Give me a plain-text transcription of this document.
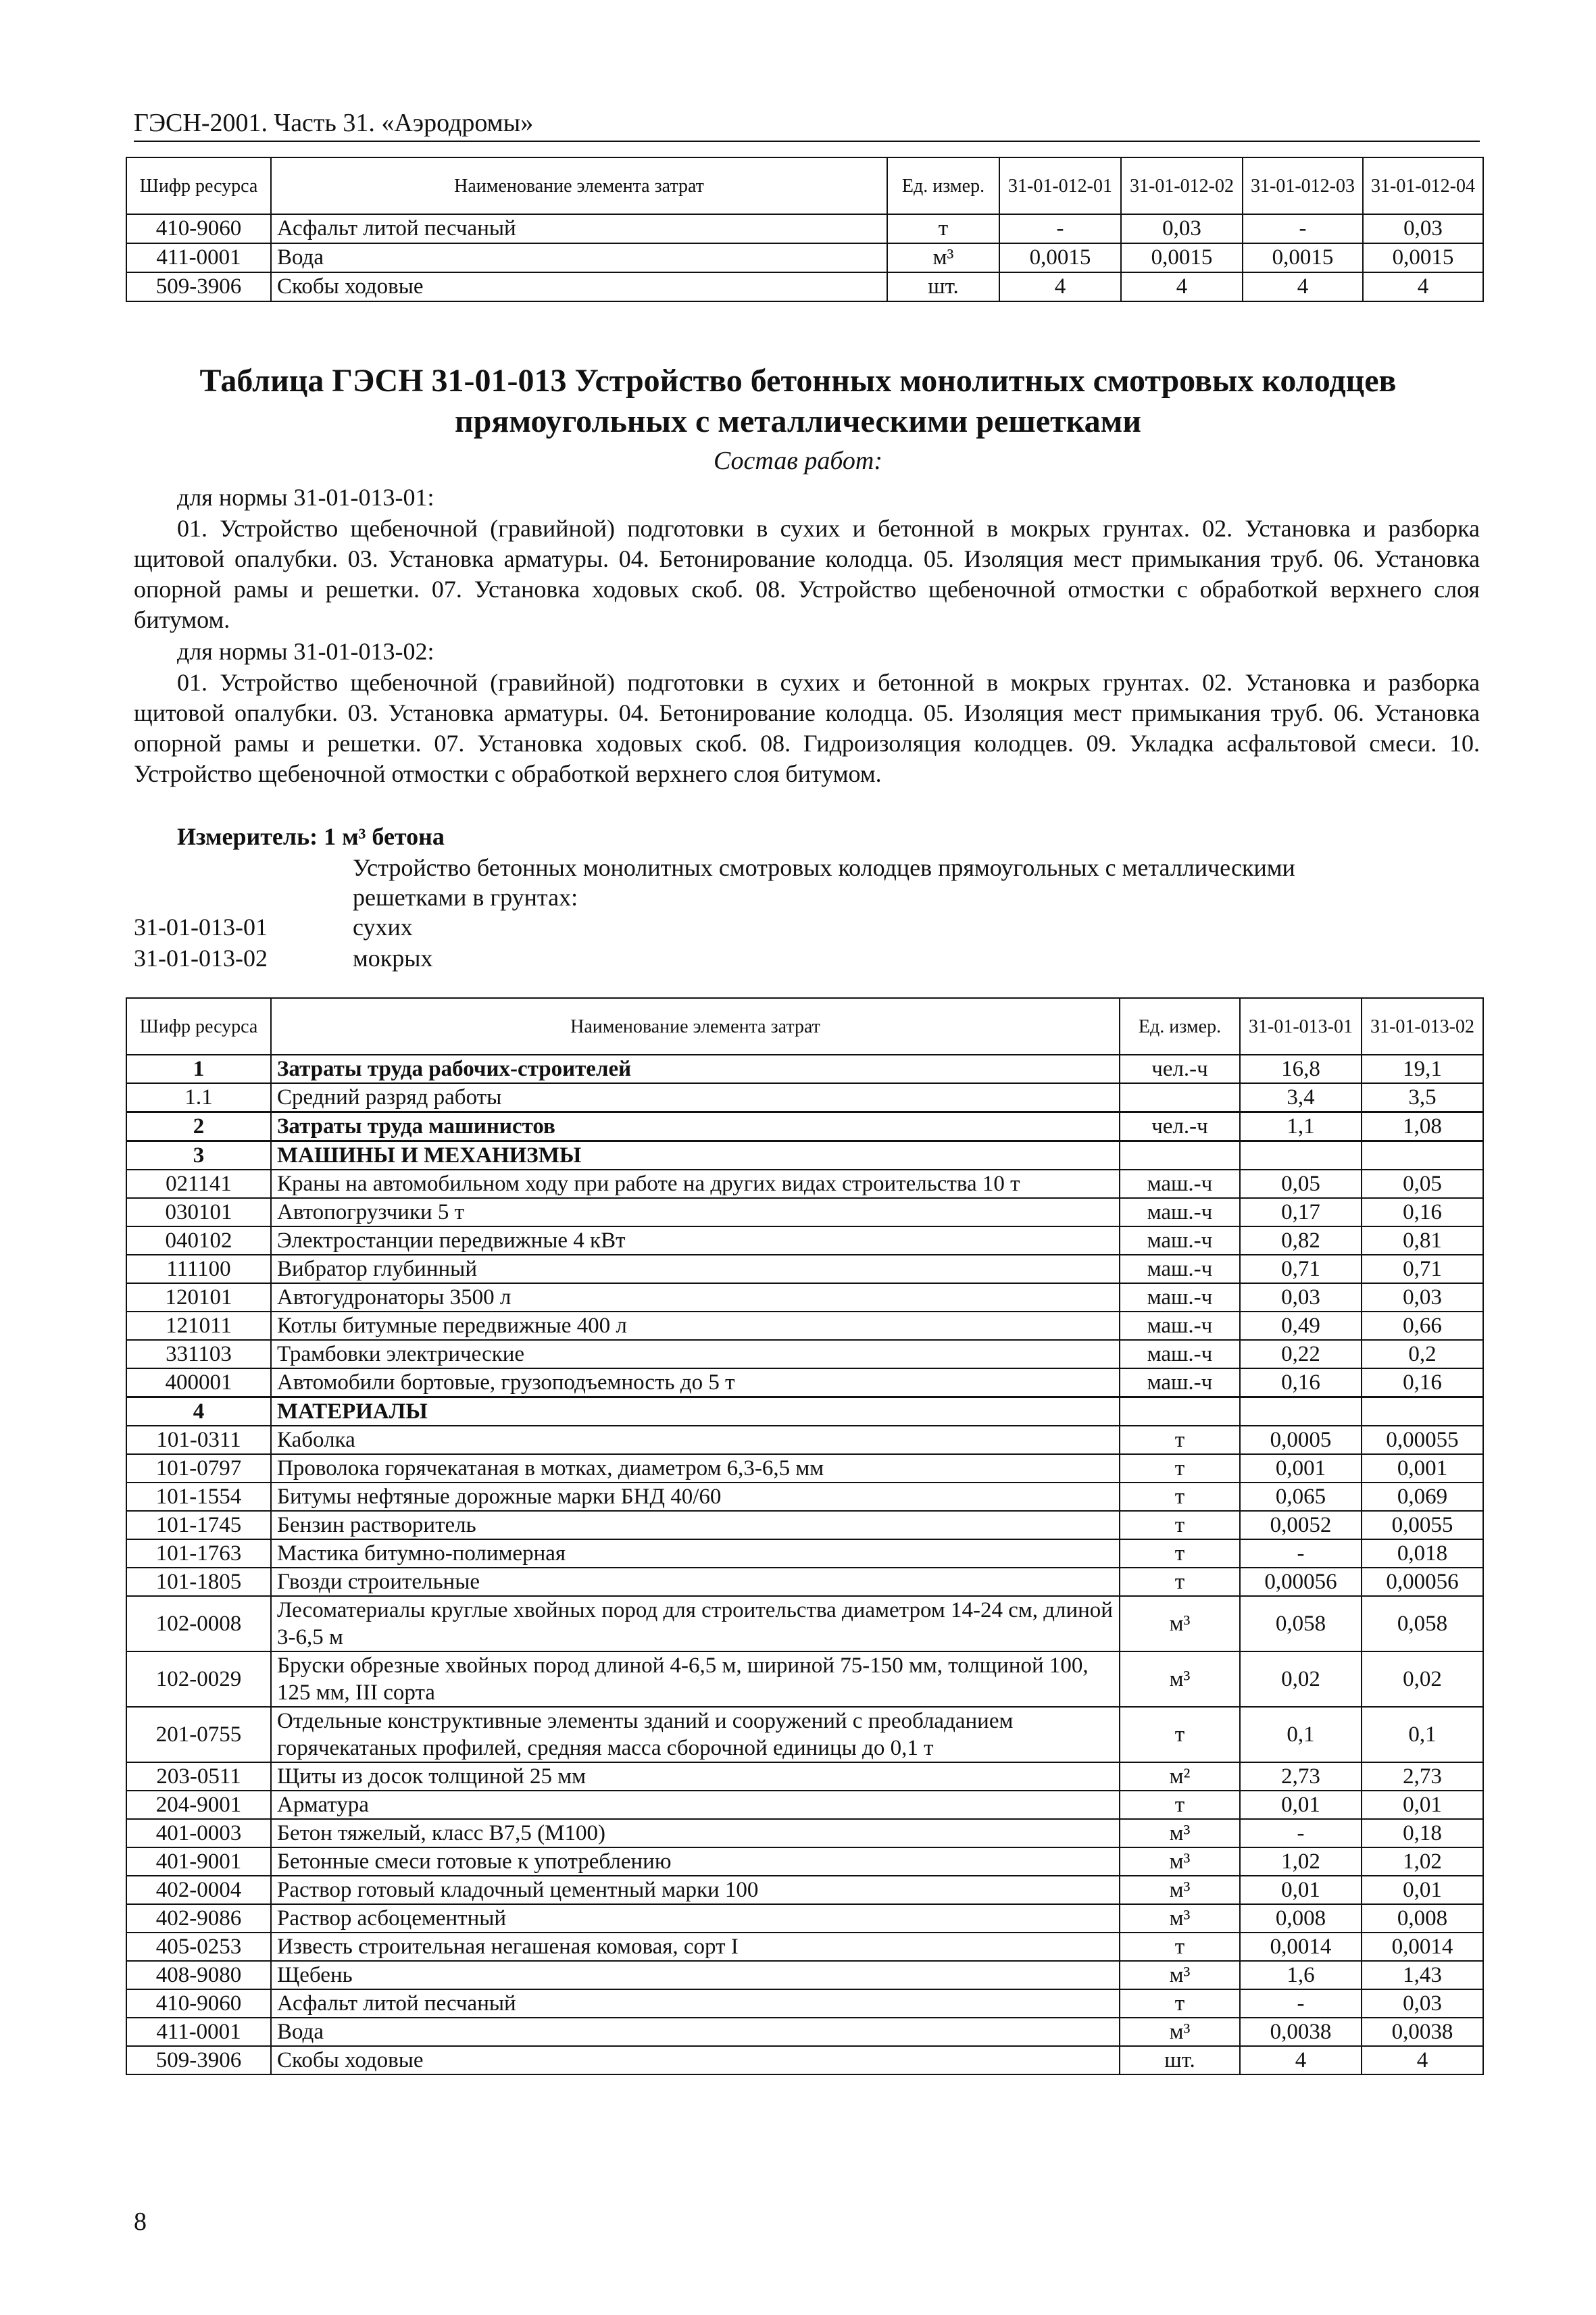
ГЭСН-2001. Часть 31. «Аэродромы»
Шифр ресурса	Наименование элемента затрат	Ед. измер.	31-01-012-01	31-01-012-02	31-01-012-03	31-01-012-04
410-9060	Асфальт литой песчаный	т	-	0,03	-	0,03
411-0001	Вода	м³	0,0015	0,0015	0,0015	0,0015
509-3906	Скобы ходовые	шт.	4	4	4	4
Таблица ГЭСН 31-01-013 Устройство бетонных монолитных смотровых колодцев
прямоугольных с металлическими решетками
Состав работ:
для нормы 31-01-013-01:
01. Устройство щебеночной (гравийной) подготовки в сухих и бетонной в мокрых грунтах. 02. Установка и разборка щитовой опалубки. 03. Установка арматуры. 04. Бетонирование колодца. 05. Изоляция мест примыкания труб. 06. Установка опорной рамы и решетки. 07. Установка ходовых скоб. 08. Устройство щебеночной отмостки с обработкой верхнего слоя битумом.
для нормы 31-01-013-02:
01. Устройство щебеночной (гравийной) подготовки в сухих и бетонной в мокрых грунтах. 02. Установка и разборка щитовой опалубки. 03. Установка арматуры. 04. Бетонирование колодца. 05. Изоляция мест примыкания труб. 06. Установка опорной рамы и решетки. 07. Установка ходовых скоб. 08. Гидроизоляция колодцев. 09. Укладка асфальтовой смеси. 10. Устройство щебеночной отмостки с обработкой верхнего слоя битумом.
Измеритель: 1 м³ бетона
Устройство бетонных монолитных смотровых колодцев прямоугольных с металлическими
решетками в грунтах:
31-01-013-01	сухих
31-01-013-02	мокрых
Шифр ресурса	Наименование элемента затрат	Ед. измер.	31-01-013-01	31-01-013-02
1	Затраты труда рабочих-строителей	чел.-ч	16,8	19,1
1.1	Средний разряд работы		3,4	3,5
2	Затраты труда машинистов	чел.-ч	1,1	1,08
3	МАШИНЫ И МЕХАНИЗМЫ			
021141	Краны на автомобильном ходу при работе на других видах строительства 10 т	маш.-ч	0,05	0,05
030101	Автопогрузчики 5 т	маш.-ч	0,17	0,16
040102	Электростанции передвижные 4 кВт	маш.-ч	0,82	0,81
111100	Вибратор глубинный	маш.-ч	0,71	0,71
120101	Автогудронаторы 3500 л	маш.-ч	0,03	0,03
121011	Котлы битумные передвижные 400 л	маш.-ч	0,49	0,66
331103	Трамбовки электрические	маш.-ч	0,22	0,2
400001	Автомобили бортовые, грузоподъемность до 5 т	маш.-ч	0,16	0,16
4	МАТЕРИАЛЫ			
101-0311	Каболка	т	0,0005	0,00055
101-0797	Проволока горячекатаная в мотках, диаметром 6,3-6,5 мм	т	0,001	0,001
101-1554	Битумы нефтяные дорожные марки БНД 40/60	т	0,065	0,069
101-1745	Бензин растворитель	т	0,0052	0,0055
101-1763	Мастика битумно-полимерная	т	-	0,018
101-1805	Гвозди строительные	т	0,00056	0,00056
102-0008	Лесоматериалы круглые хвойных пород для строительства диаметром 14-24 см, длиной 3-6,5 м	м³	0,058	0,058
102-0029	Бруски обрезные хвойных пород длиной 4-6,5 м, шириной 75-150 мм, толщиной 100, 125 мм, III сорта	м³	0,02	0,02
201-0755	Отдельные конструктивные элементы зданий и сооружений с преобладанием горячекатаных профилей, средняя масса сборочной единицы до 0,1 т	т	0,1	0,1
203-0511	Щиты из досок толщиной 25 мм	м²	2,73	2,73
204-9001	Арматура	т	0,01	0,01
401-0003	Бетон тяжелый, класс В7,5 (М100)	м³	-	0,18
401-9001	Бетонные смеси готовые к употреблению	м³	1,02	1,02
402-0004	Раствор готовый кладочный цементный марки 100	м³	0,01	0,01
402-9086	Раствор асбоцементный	м³	0,008	0,008
405-0253	Известь строительная негашеная комовая, сорт I	т	0,0014	0,0014
408-9080	Щебень	м³	1,6	1,43
410-9060	Асфальт литой песчаный	т	-	0,03
411-0001	Вода	м³	0,0038	0,0038
509-3906	Скобы ходовые	шт.	4	4
8
